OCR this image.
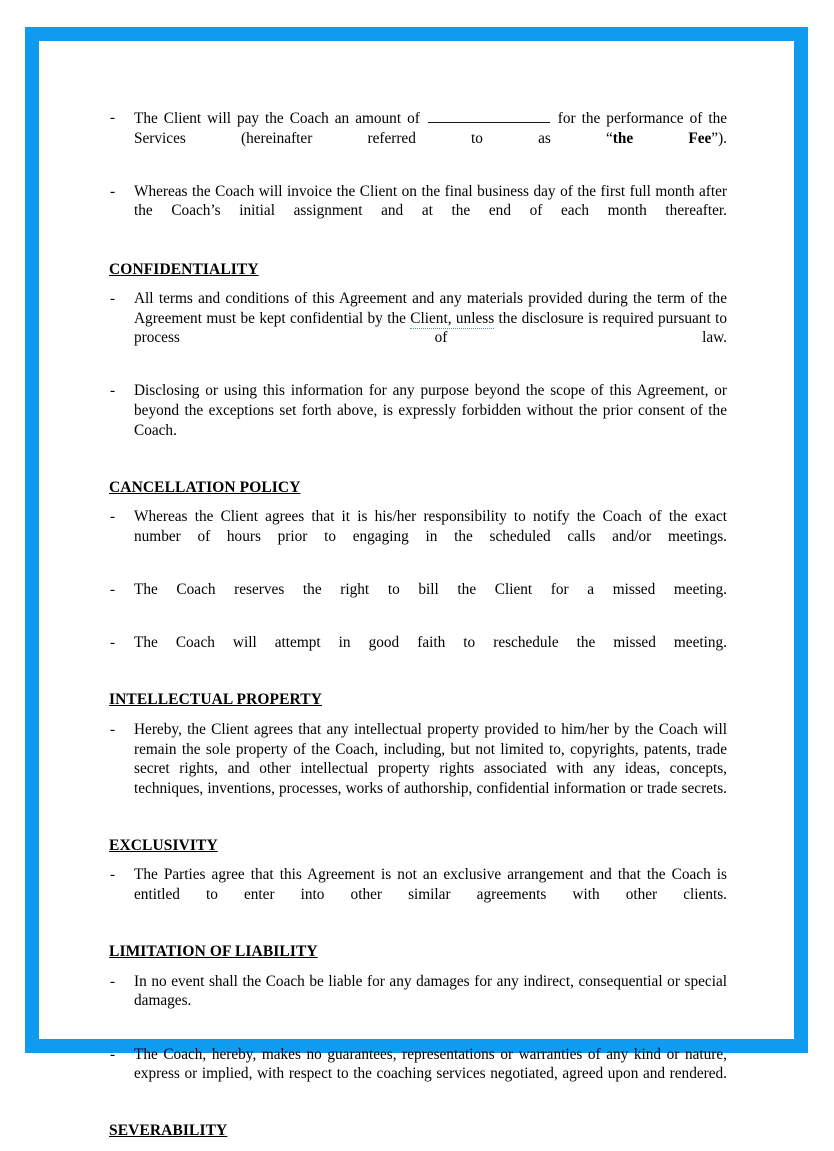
- The Client will pay the Coach an amount of	for the performance of the Services (hereinafter referred to as “the Fee”).
- Whereas the Coach will invoice the Client on the final business day of the first full month after the Coach’s initial assignment and at the end of each month thereafter.
CONFIDENTIALITY
- All terms and conditions of this Agreement and any materials provided during the term of the Agreement must be kept confidential by the Client, unless the disclosure is required pursuant to process of law.
- Disclosing or using this information for any purpose beyond the scope of this Agreement, or beyond the exceptions set forth above, is expressly forbidden without the prior consent of the Coach.
CANCELLATION POLICY
- Whereas the Client agrees that it is his/her responsibility to notify the Coach of the exact number of hours prior to engaging in the scheduled calls and/or meetings.
- The Coach reserves the right to bill the Client for a missed meeting.
- The Coach will attempt in good faith to reschedule the missed meeting.
INTELLECTUAL PROPERTY
- Hereby, the Client agrees that any intellectual property provided to him/her by the Coach will remain the sole property of the Coach, including, but not limited to, copyrights, patents, trade secret rights, and other intellectual property rights associated with any ideas, concepts, techniques, inventions, processes, works of authorship, confidential information or trade secrets.
EXCLUSIVITY
- The Parties agree that this Agreement is not an exclusive arrangement and that the Coach is entitled to enter into other similar agreements with other clients.
LIMITATION OF LIABILITY
- In no event shall the Coach be liable for any damages for any indirect, consequential or special damages.
- The Coach, hereby, makes no guarantees, representations or warranties of any kind or nature, express or implied, with respect to the coaching services negotiated, agreed upon and rendered.
SEVERABILITY
